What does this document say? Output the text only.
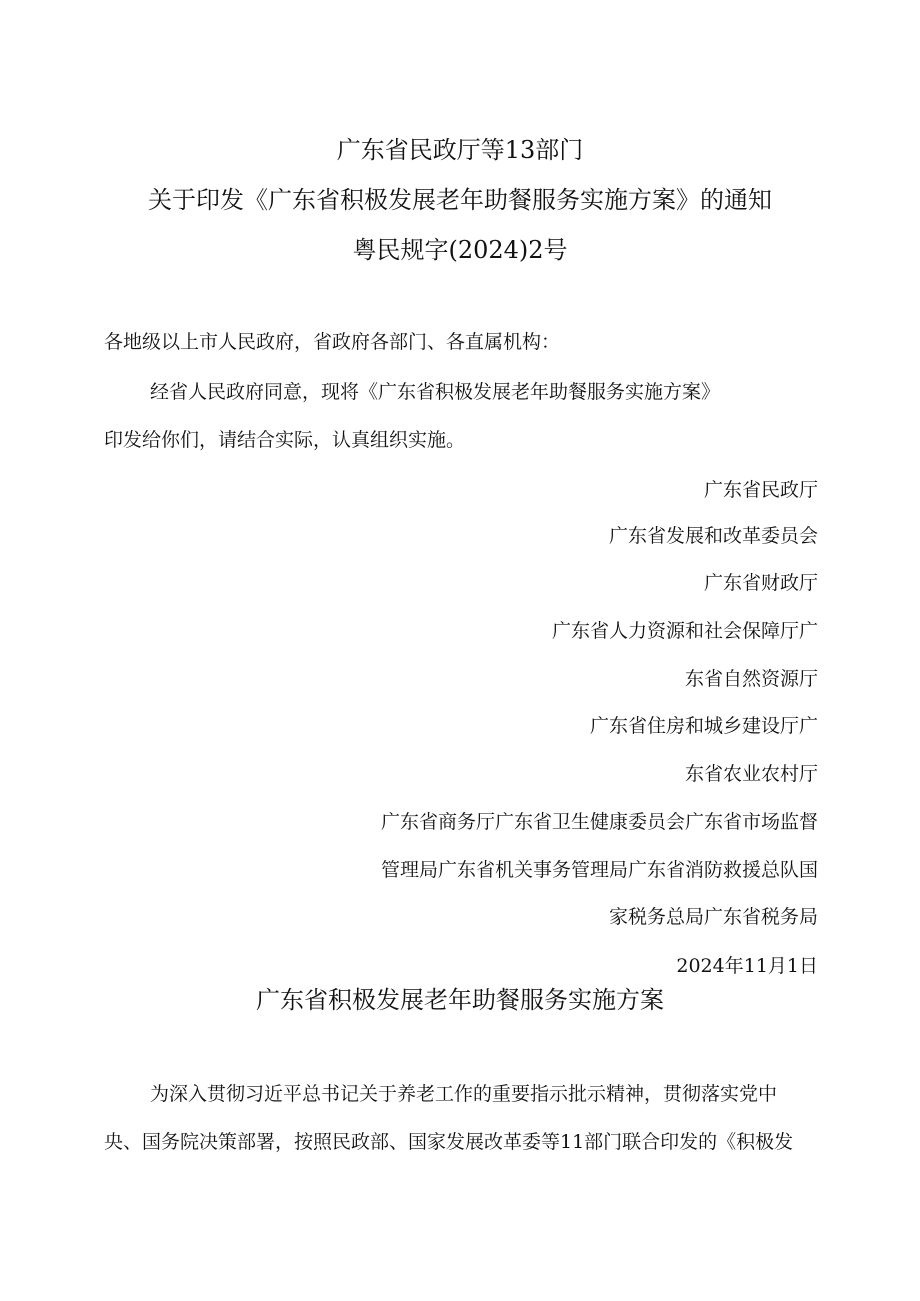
广东省民政厅等13部门
关于印发《广东省积极发展老年助餐服务实施方案》的通知
粤民规字(2024)2号
各地级以上市人民政府，省政府各部门、各直属机构：
经省人民政府同意，现将《广东省积极发展老年助餐服务实施方案》
印发给你们，请结合实际，认真组织实施。
广东省民政厅
广东省发展和改革委员会
广东省财政厅
广东省人力资源和社会保障厅广
东省自然资源厅
广东省住房和城乡建设厅广
东省农业农村厅
广东省商务厅广东省卫生健康委员会广东省市场监督
管理局广东省机关事务管理局广东省消防救援总队国
家税务总局广东省税务局
2024年11月1日
广东省积极发展老年助餐服务实施方案
为深入贯彻习近平总书记关于养老工作的重要指示批示精神，贯彻落实党中
央、国务院决策部署，按照民政部、国家发展改革委等11部门联合印发的《积极发
